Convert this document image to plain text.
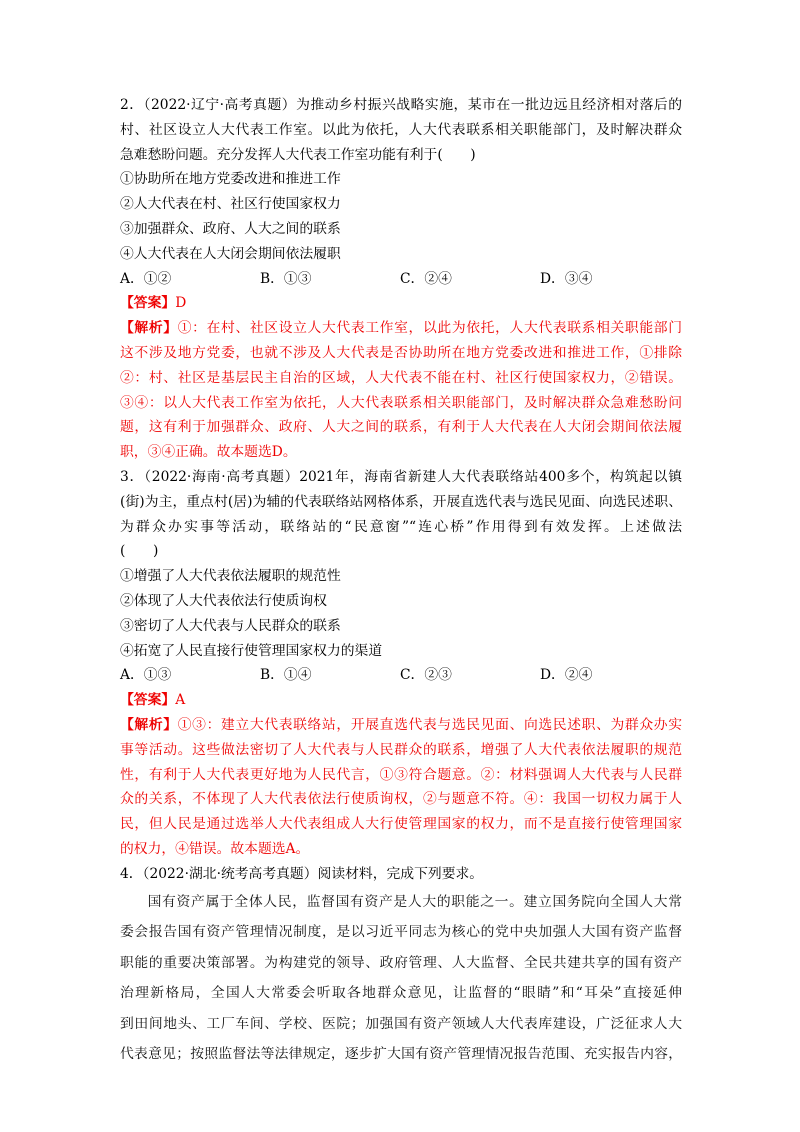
2．（2022·辽宁·高考真题）为推动乡村振兴战略实施，某市在一批边远且经济相对落后的
村、社区设立人大代表工作室。以此为依托，人大代表联系相关职能部门，及时解决群众
急难愁盼问题。充分发挥人大代表工作室功能有利于(　　)
①协助所在地方党委改进和推进工作
②人大代表在村、社区行使国家权力
③加强群众、政府、人大之间的联系
④人大代表在人大闭会期间依法履职
A．①②	B．①③	C．②④	D．③④
【答案】D
【解析】①：在村、社区设立人大代表工作室，以此为依托，人大代表联系相关职能部门
这不涉及地方党委，也就不涉及人大代表是否协助所在地方党委改进和推进工作，①排除
②：村、社区是基层民主自治的区域，人大代表不能在村、社区行使国家权力，②错误。
③④：以人大代表工作室为依托，人大代表联系相关职能部门，及时解决群众急难愁盼问
题，这有利于加强群众、政府、人大之间的联系，有利于人大代表在人大闭会期间依法履
职，③④正确。故本题选D。
3．（2022·海南·高考真题）2021年，海南省新建人大代表联络站400多个，构筑起以镇
(街)为主，重点村(居)为辅的代表联络站网格体系，开展直选代表与选民见面、向选民述职、
为群众办实事等活动，联络站的“民意窗”“连心桥”作用得到有效发挥。上述做法
(　　)
①增强了人大代表依法履职的规范性
②体现了人大代表依法行使质询权
③密切了人大代表与人民群众的联系
④拓宽了人民直接行使管理国家权力的渠道
A．①③	B．①④	C．②③	D．②④
【答案】A
【解析】①③：建立大代表联络站，开展直选代表与选民见面、向选民述职、为群众办实
事等活动。这些做法密切了人大代表与人民群众的联系，增强了人大代表依法履职的规范
性，有利于人大代表更好地为人民代言，①③符合题意。②：材料强调人大代表与人民群
众的关系，不体现了人大代表依法行使质询权，②与题意不符。④：我国一切权力属于人
民，但人民是通过选举人大代表组成人大行使管理国家的权力，而不是直接行使管理国家
的权力，④错误。故本题选A。
4．（2022·湖北·统考高考真题）阅读材料，完成下列要求。
国有资产属于全体人民，监督国有资产是人大的职能之一。建立国务院向全国人大常
委会报告国有资产管理情况制度，是以习近平同志为核心的党中央加强人大国有资产监督
职能的重要决策部署。为构建党的领导、政府管理、人大监督、全民共建共享的国有资产
治理新格局，全国人大常委会听取各地群众意见，让监督的“眼睛”和“耳朵”直接延伸
到田间地头、工厂车间、学校、医院；加强国有资产领域人大代表库建设，广泛征求人大
代表意见；按照监督法等法律规定，逐步扩大国有资产管理情况报告范围、充实报告内容，
